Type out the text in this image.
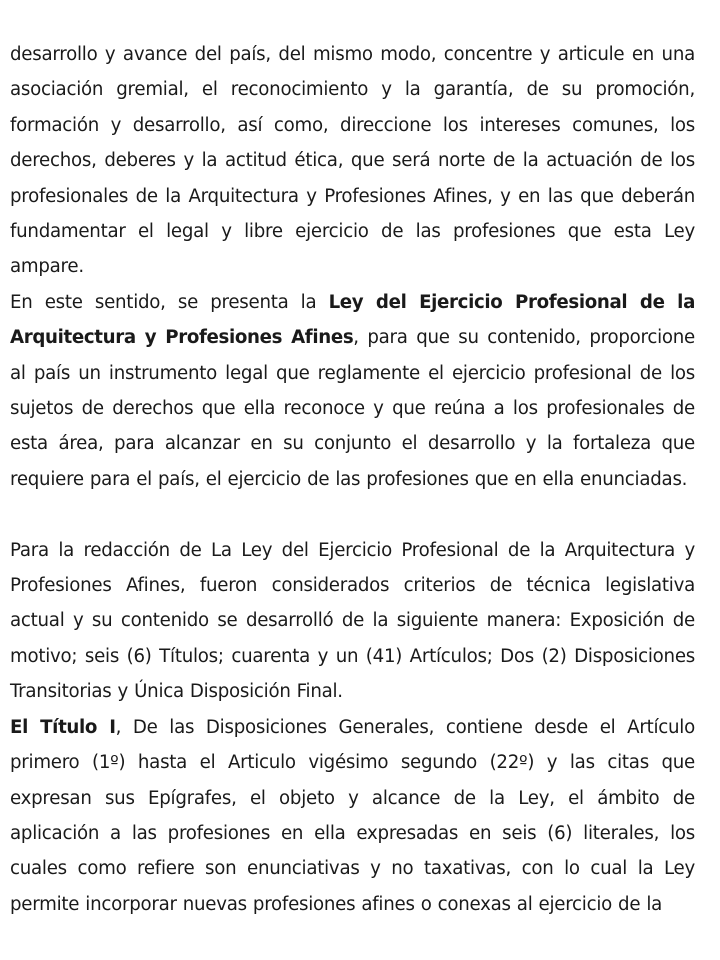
desarrollo y avance del país, del mismo modo, concentre y articule en una asociación gremial, el reconocimiento y la garantía, de su promoción, formación y desarrollo, así como, direccione los intereses comunes, los derechos, deberes y la actitud ética, que será norte de la actuación de los profesionales de la Arquitectura y Profesiones Afines, y en las que deberán fundamentar el legal y libre ejercicio de las profesiones que esta Ley ampare.

En este sentido, se presenta la Ley del Ejercicio Profesional de la Arquitectura y Profesiones Afines, para que su contenido, proporcione al país un instrumento legal que reglamente el ejercicio profesional de los sujetos de derechos que ella reconoce y que reúna a los profesionales de esta área, para alcanzar en su conjunto el desarrollo y la fortaleza que requiere para el país, el ejercicio de las profesiones que en ella enunciadas.

Para la redacción de La Ley del Ejercicio Profesional de la Arquitectura y Profesiones Afines, fueron considerados criterios de técnica legislativa actual y su contenido se desarrolló de la siguiente manera: Exposición de motivo; seis (6) Títulos; cuarenta y un (41) Artículos; Dos (2) Disposiciones Transitorias y Única Disposición Final.

El Título I, De las Disposiciones Generales, contiene desde el Artículo primero (1º) hasta el Articulo vigésimo segundo (22º) y las citas que expresan sus Epígrafes, el objeto y alcance de la Ley, el ámbito de aplicación a las profesiones en ella expresadas en seis (6) literales, los cuales como refiere son enunciativas y no taxativas, con lo cual la Ley permite incorporar nuevas profesiones afines o conexas al ejercicio de la
